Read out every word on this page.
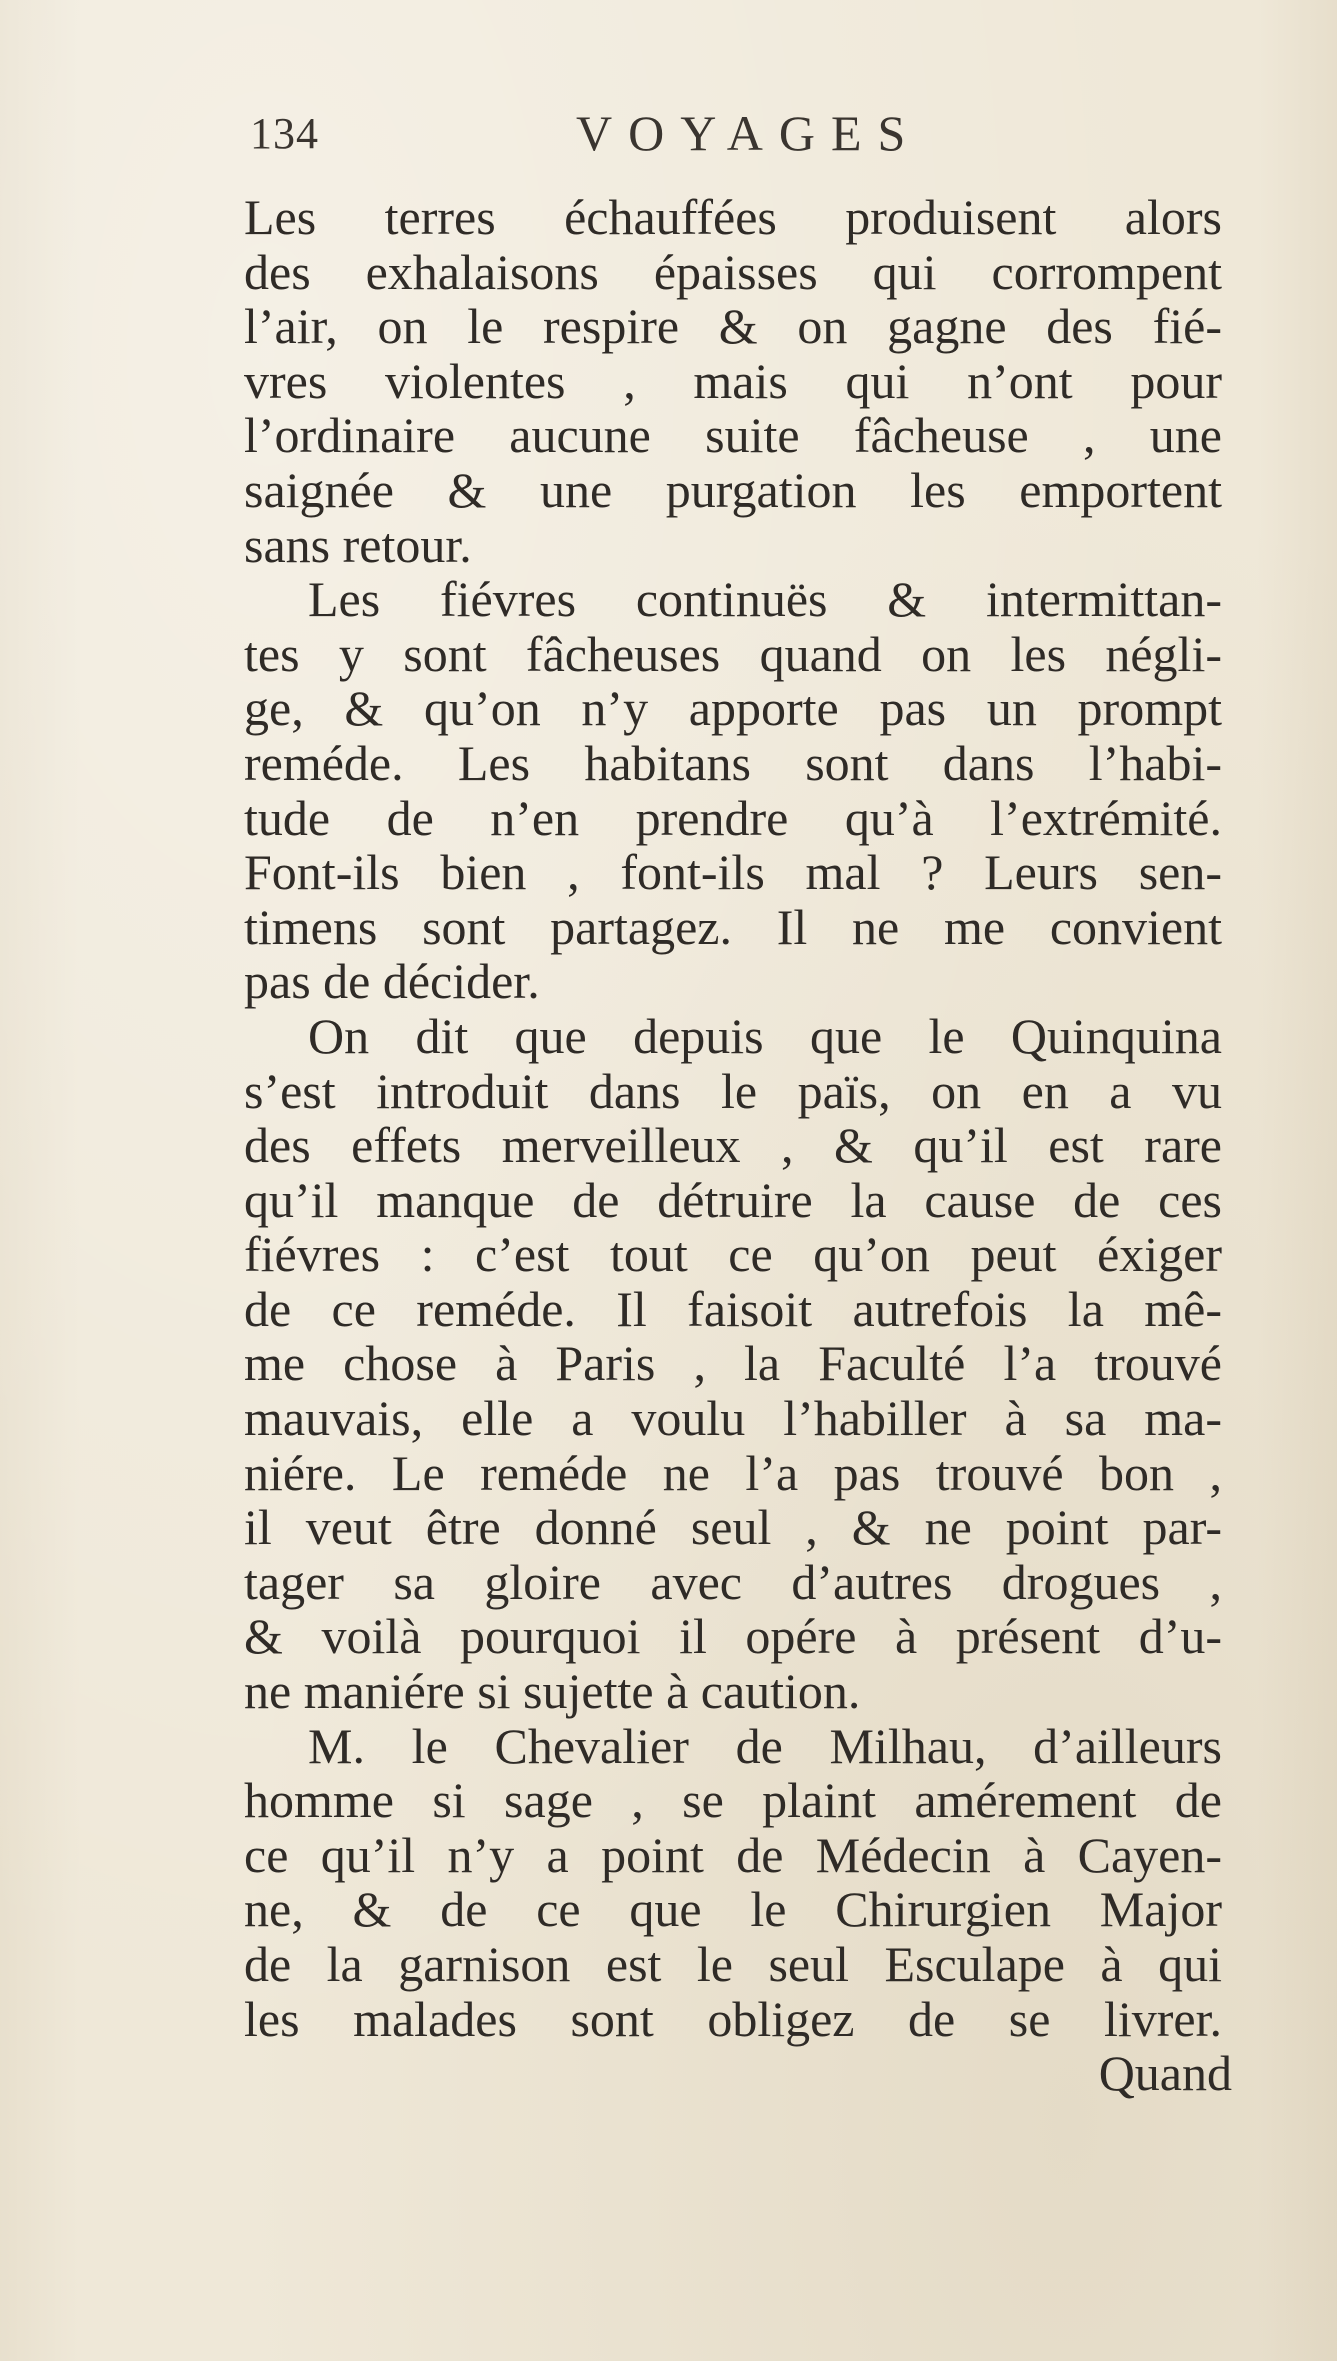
134	VOYAGES
Les terres échauffées produisent alors
des exhalaisons épaisses qui corrompent
l’air, on le respire & on gagne des fié-
vres violentes , mais qui n’ont pour
l’ordinaire aucune suite fâcheuse , une
saignée & une purgation les emportent
sans retour.
Les fiévres continuës & intermittan-
tes y sont fâcheuses quand on les négli-
ge, & qu’on n’y apporte pas un prompt
reméde. Les habitans sont dans l’habi-
tude de n’en prendre qu’à l’extrémité.
Font-ils bien , font-ils mal ? Leurs sen-
timens sont partagez. Il ne me convient
pas de décider.
On dit que depuis que le Quinquina
s’est introduit dans le païs, on en a vu
des effets merveilleux , & qu’il est rare
qu’il manque de détruire la cause de ces
fiévres : c’est tout ce qu’on peut éxiger
de ce reméde. Il faisoit autrefois la mê-
me chose à Paris , la Faculté l’a trouvé
mauvais, elle a voulu l’habiller à sa ma-
niére. Le reméde ne l’a pas trouvé bon ,
il veut être donné seul , & ne point par-
tager sa gloire avec d’autres drogues ,
& voilà pourquoi il opére à présent d’u-
ne maniére si sujette à caution.
M. le Chevalier de Milhau, d’ailleurs
homme si sage , se plaint amérement de
ce qu’il n’y a point de Médecin à Cayen-
ne, & de ce que le Chirurgien Major
de la garnison est le seul Esculape à qui
les malades sont obligez de se livrer.
Quand
